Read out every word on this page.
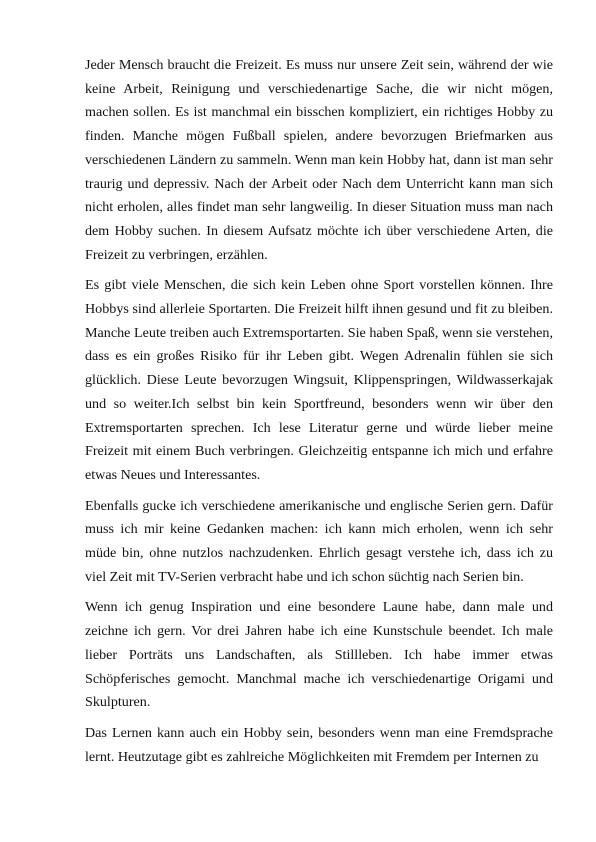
Jeder Mensch braucht die Freizeit. Es muss nur unsere Zeit sein, während der wie keine Arbeit, Reinigung und verschiedenartige Sache, die wir nicht mögen, machen sollen. Es ist manchmal ein bisschen kompliziert, ein richtiges Hobby zu finden. Manche mögen Fußball spielen, andere bevorzugen Briefmarken aus verschiedenen Ländern zu sammeln. Wenn man kein Hobby hat, dann ist man sehr traurig und depressiv. Nach der Arbeit oder Nach dem Unterricht kann man sich nicht erholen, alles findet man sehr langweilig. In dieser Situation muss man nach dem Hobby suchen. In diesem Aufsatz möchte ich über verschiedene Arten, die Freizeit zu verbringen, erzählen.

Es gibt viele Menschen, die sich kein Leben ohne Sport vorstellen können. Ihre Hobbys sind allerleie Sportarten. Die Freizeit hilft ihnen gesund und fit zu bleiben. Manche Leute treiben auch Extremsportarten. Sie haben Spaß, wenn sie verstehen, dass es ein großes Risiko für ihr Leben gibt. Wegen Adrenalin fühlen sie sich glücklich. Diese Leute bevorzugen Wingsuit, Klippenspringen, Wildwasserkajak und so weiter.Ich selbst bin kein Sportfreund, besonders wenn wir über den Extremsportarten sprechen. Ich lese Literatur gerne und würde lieber meine Freizeit mit einem Buch verbringen. Gleichzeitig entspanne ich mich und erfahre etwas Neues und Interessantes.

Ebenfalls gucke ich verschiedene amerikanische und englische Serien gern. Dafür muss ich mir keine Gedanken machen: ich kann mich erholen, wenn ich sehr müde bin, ohne nutzlos nachzudenken. Ehrlich gesagt verstehe ich, dass ich zu viel Zeit mit TV-Serien verbracht habe und ich schon süchtig nach Serien bin.

Wenn ich genug Inspiration und eine besondere Laune habe, dann male und zeichne ich gern. Vor drei Jahren habe ich eine Kunstschule beendet. Ich male lieber Porträts uns Landschaften, als Stillleben. Ich habe immer etwas Schöpferisches gemocht. Manchmal mache ich verschiedenartige Origami und Skulpturen.

Das Lernen kann auch ein Hobby sein, besonders wenn man eine Fremdsprache lernt. Heutzutage gibt es zahlreiche Möglichkeiten mit Fremdem per Internen zu
